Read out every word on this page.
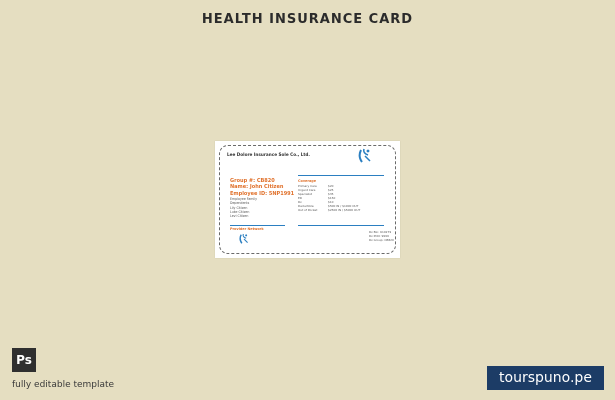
HEALTH INSURANCE CARD
Lee Dolore Insurance Sole Co., Ltd.
Group #: CB820
Name: John Citizen
Employee ID: 5NP1991
Employee Family
Dependents
Lily Citizen
Luke Citizen
Levi Citizen
Coverage
Primary Care	$20
Urgent Care	$25
Specialist	$35
ER	$150
Rx	$10
Deductible	$500 IN / $1000 OUT
Out of Pocket	$2500 IN / $5000 OUT
Provider Network
Rx Bin: 610279
Rx PCN: 9999
Rx Group: CB820
Ps
fully editable template	tourspuno.pe
